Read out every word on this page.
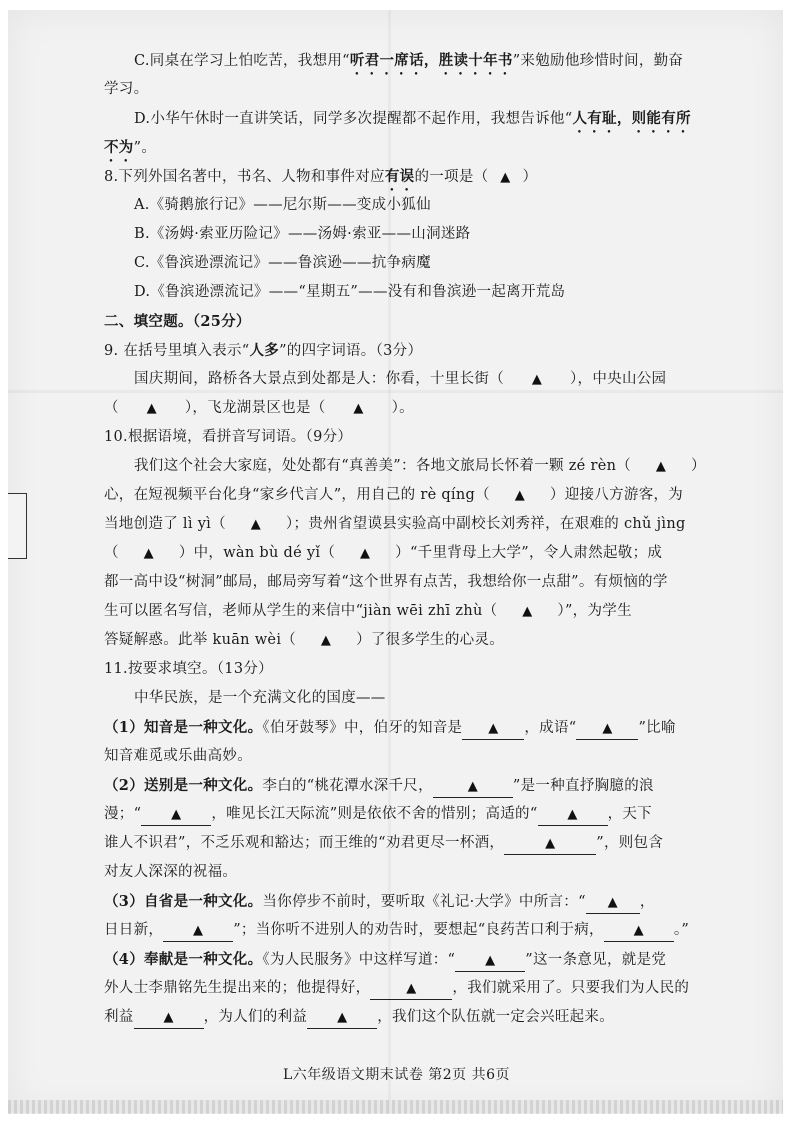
C.同桌在学习上怕吃苦，我想用“听君一席话，胜读十年书”来勉励他珍惜时间，勤奋
学习。
D.小华午休时一直讲笑话，同学多次提醒都不起作用，我想告诉他“人有耻，则能有所
不为”。
8.下列外国名著中，书名、人物和事件对应有误的一项是（ ▲ ）
A.《骑鹅旅行记》——尼尔斯——变成小狐仙
B.《汤姆·索亚历险记》——汤姆·索亚——山洞迷路
C.《鲁滨逊漂流记》——鲁滨逊——抗争病魔
D.《鲁滨逊漂流记》——“星期五”——没有和鲁滨逊一起离开荒岛
二、填空题。（25分）
9. 在括号里填入表示“人多”的四字词语。（3分）
国庆期间，路桥各大景点到处都是人：你看，十里长街（ ▲ ），中央山公园
（ ▲ ），飞龙湖景区也是（ ▲ ）。
10.根据语境，看拼音写词语。（9分）
我们这个社会大家庭，处处都有“真善美”：各地文旅局长怀着一颗 zé rèn（ ▲ ）
心，在短视频平台化身“家乡代言人”，用自己的 rè qíng（ ▲ ）迎接八方游客，为
当地创造了 lì yì（ ▲ ）；贵州省望谟县实验高中副校长刘秀祥，在艰难的 chǔ jìng
（ ▲ ）中，wàn bù dé yǐ（ ▲ ）“千里背母上大学”，令人肃然起敬；成
都一高中设“树洞”邮局，邮局旁写着“这个世界有点苦，我想给你一点甜”。有烦恼的学
生可以匿名写信，老师从学生的来信中“jiàn wēi zhī zhù（ ▲ ）”，为学生
答疑解惑。此举 kuān wèi（ ▲ ）了很多学生的心灵。
11.按要求填空。（13分）
中华民族，是一个充满文化的国度——
（1）知音是一种文化。《伯牙鼓琴》中，伯牙的知音是 ▲ ，成语“ ▲ ”比喻
知音难觅或乐曲高妙。
（2）送别是一种文化。李白的“桃花潭水深千尺，	▲ ”是一种直抒胸臆的浪
漫；“ ▲ ，唯见长江天际流”则是依依不舍的惜别；高适的“ ▲ ，天下
谁人不识君”，不乏乐观和豁达；而王维的“劝君更尽一杯酒，	▲	”，则包含
对友人深深的祝福。
（3）自省是一种文化。当你停步不前时，要听取《礼记·大学》中所言：“ ▲ ，
日日新， ▲ ”；当你听不进别人的劝告时，要想起“良药苦口利于病， ▲ 。”
（4）奉献是一种文化。《为人民服务》中这样写道：“ ▲ ”这一条意见，就是党
外人士李鼎铭先生提出来的；他提得好，	▲ ，我们就采用了。只要我们为人民的
利益 ▲ ，为人们的利益 ▲ ，我们这个队伍就一定会兴旺起来。
L六年级语文期末试卷 第2页 共6页
